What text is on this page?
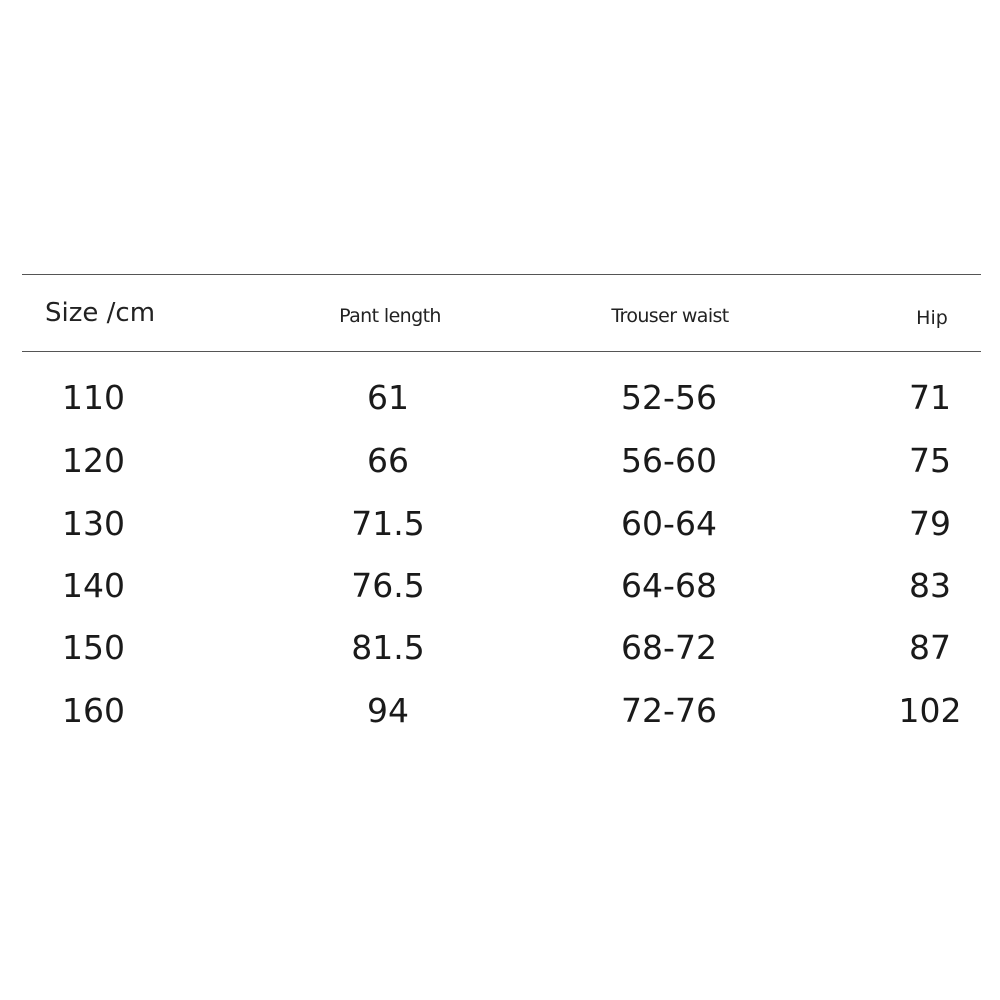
Size /cm	Pant length	Trouser waist	Hip
110	61	52-56	71
120	66	56-60	75
130	71.5	60-64	79
140	76.5	64-68	83
150	81.5	68-72	87
160	94	72-76	102
